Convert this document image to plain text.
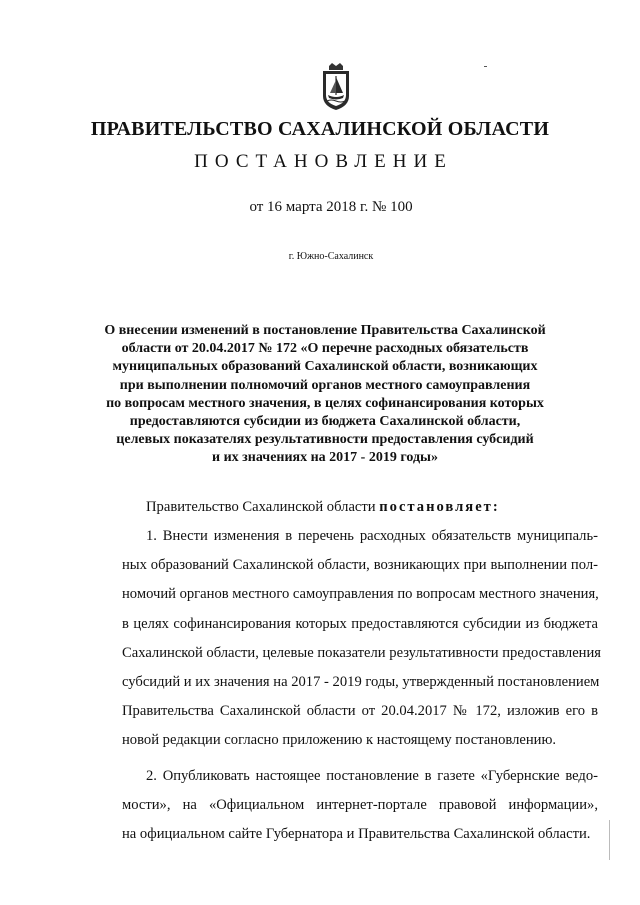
ПРАВИТЕЛЬСТВО САХАЛИНСКОЙ ОБЛАСТИ
ПОСТАНОВЛЕНИЕ
от 16 марта 2018 г. № 100
г. Южно-Сахалинск
О внесении изменений в постановление Правительства Сахалинской
области от 20.04.2017 № 172 «О перечне расходных обязательств
муниципальных образований Сахалинской области, возникающих
при выполнении полномочий органов местного самоуправления
по вопросам местного значения, в целях софинансирования которых
предоставляются субсидии из бюджета Сахалинской области,
целевых показателях результативности предоставления субсидий
и их значениях на 2017 - 2019 годы»

Правительство Сахалинской области постановляет:

1. Внести изменения в перечень расходных обязательств муниципаль-
ных образований Сахалинской области, возникающих при выполнении пол-
номочий органов местного самоуправления по вопросам местного значения,
в целях софинансирования которых предоставляются субсидии из бюджета
Сахалинской области, целевые показатели результативности предоставления
субсидий и их значения на 2017 - 2019 годы, утвержденный постановлением
Правительства Сахалинской области от 20.04.2017 № 172, изложив его в
новой редакции согласно приложению к настоящему постановлению.

2. Опубликовать настоящее постановление в газете «Губернские ведо-
мости», на «Официальном интернет-портале правовой информации»,
на официальном сайте Губернатора и Правительства Сахалинской области.
